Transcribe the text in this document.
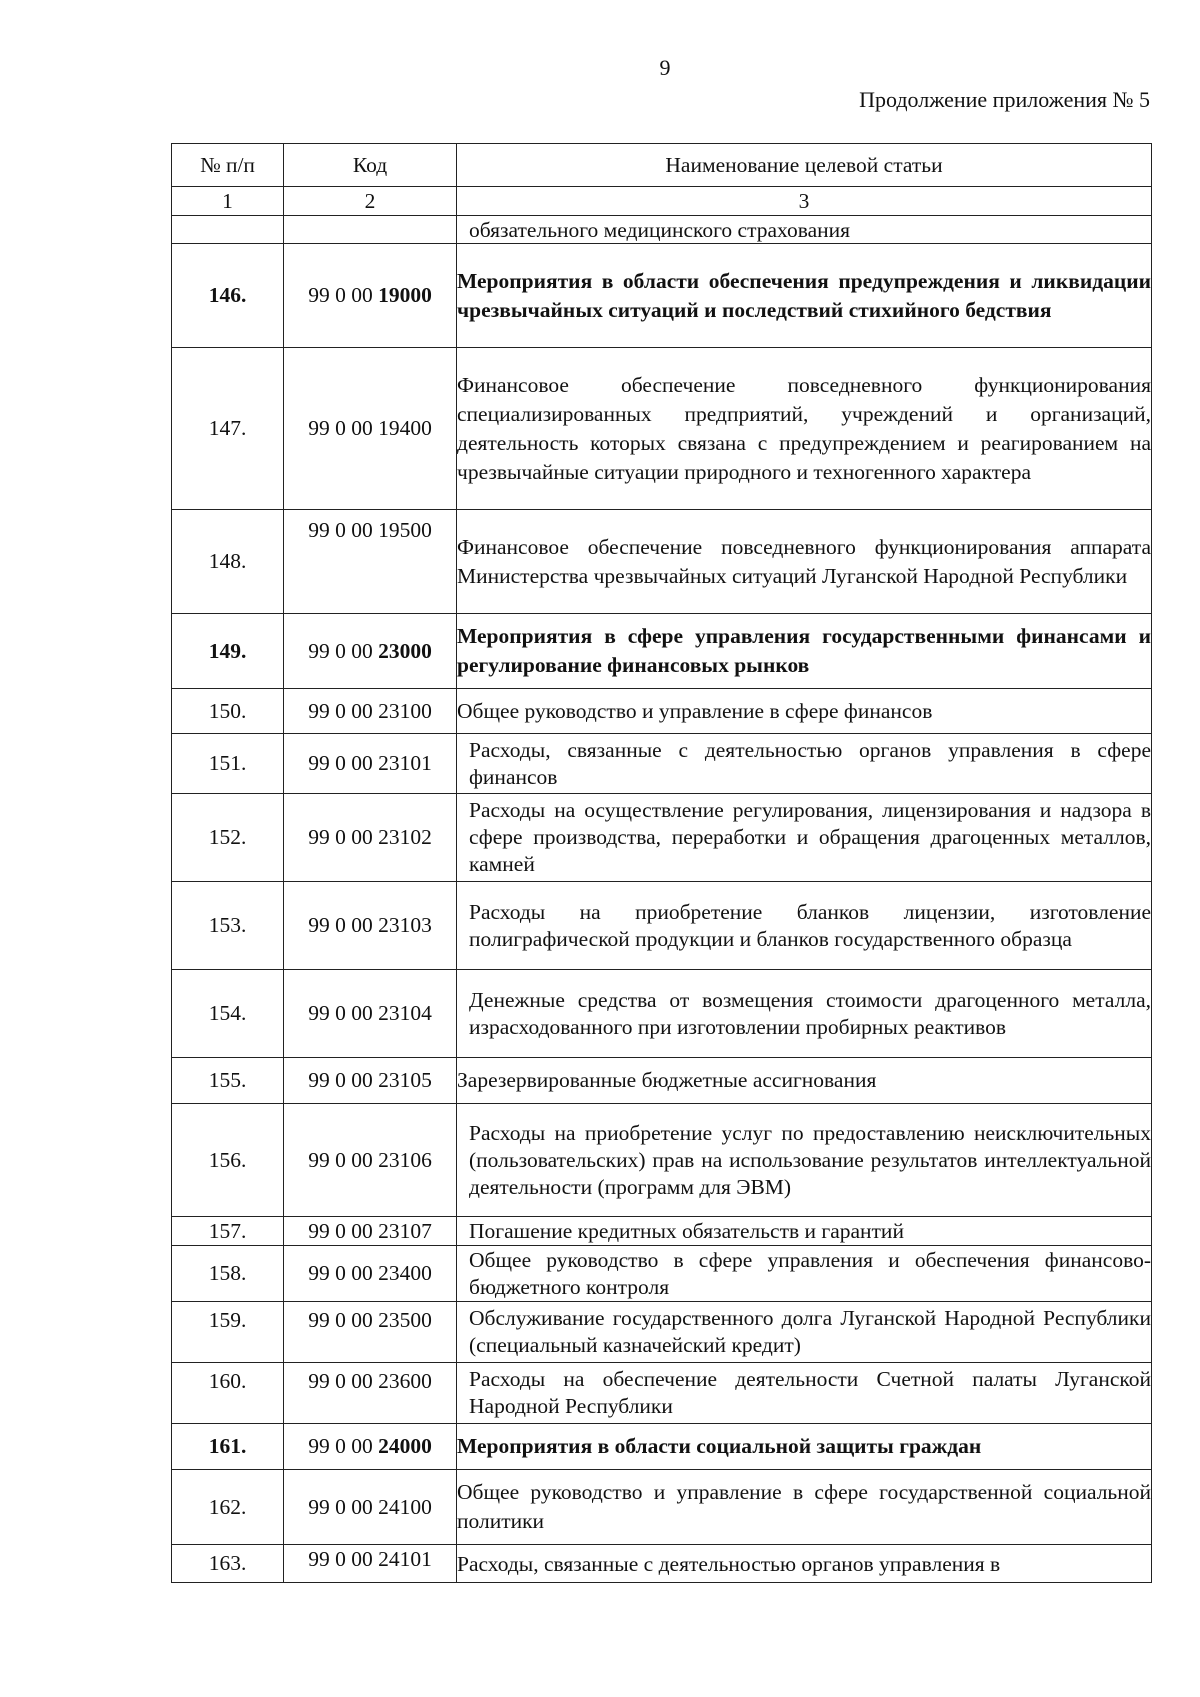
9
Продолжение приложения № 5
№ п/п	Код	Наименование целевой статьи
1	2	3
		обязательного медицинского страхования
146.	99 0 00 19000	Мероприятия в области обеспечения предупреждения и ликвидации чрезвычайных ситуаций и последствий стихийного бедствия
147.	99 0 00 19400	Финансовое обеспечение повседневного функционирования специализированных предприятий, учреждений и организаций, деятельность которых связана с предупреждением и реагированием на чрезвычайные ситуации природного и техногенного характера
148.	99 0 00 19500	Финансовое обеспечение повседневного функционирования аппарата Министерства чрезвычайных ситуаций Луганской Народной Республики
149.	99 0 00 23000	Мероприятия в сфере управления государственными финансами и регулирование финансовых рынков
150.	99 0 00 23100	Общее руководство и управление в сфере финансов
151.	99 0 00 23101	Расходы, связанные с деятельностью органов управления в сфере финансов
152.	99 0 00 23102	Расходы на осуществление регулирования, лицензирования и надзора в сфере производства, переработки и обращения драгоценных металлов, камней
153.	99 0 00 23103	Расходы на приобретение бланков лицензии, изготовление полиграфической продукции и бланков государственного образца
154.	99 0 00 23104	Денежные средства от возмещения стоимости драгоценного металла, израсходованного при изготовлении пробирных реактивов
155.	99 0 00 23105	Зарезервированные бюджетные ассигнования
156.	99 0 00 23106	Расходы на приобретение услуг по предоставлению неисключительных (пользовательских) прав на использование результатов интеллектуальной деятельности (программ для ЭВМ)
157.	99 0 00 23107	Погашение кредитных обязательств и гарантий
158.	99 0 00 23400	Общее руководство в сфере управления и обеспечения финансово-бюджетного контроля
159.	99 0 00 23500	Обслуживание государственного долга Луганской Народной Республики (специальный казначейский кредит)
160.	99 0 00 23600	Расходы на обеспечение деятельности Счетной палаты Луганской Народной Республики
161.	99 0 00 24000	Мероприятия в области социальной защиты граждан
162.	99 0 00 24100	Общее руководство и управление в сфере государственной социальной политики
163.	99 0 00 24101	Расходы, связанные с деятельностью органов управления в
